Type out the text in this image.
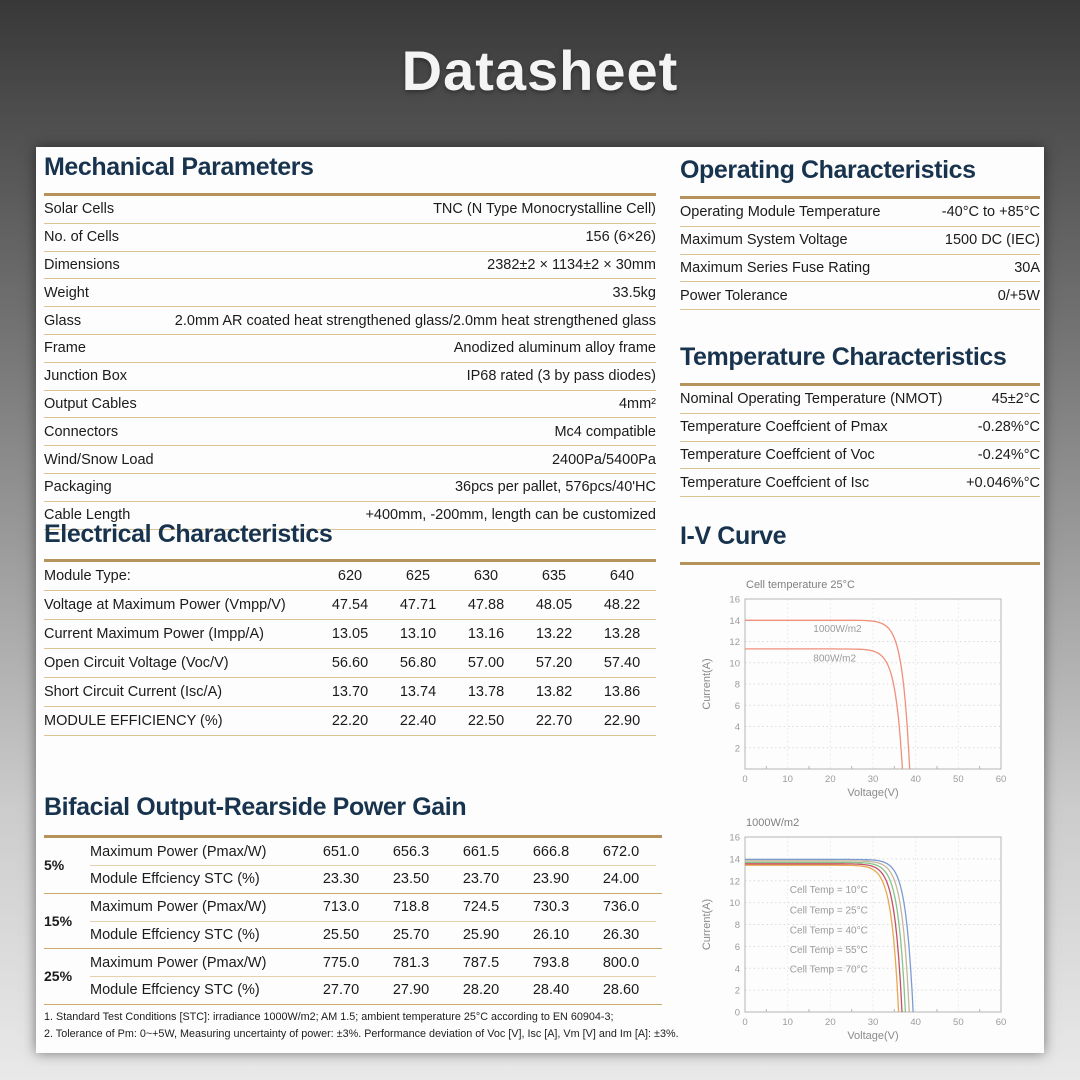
Datasheet
Mechanical Parameters
Solar Cells	TNC (N Type Monocrystalline Cell)
No. of Cells	156 (6×26)
Dimensions	2382±2 × 1134±2 × 30mm
Weight	33.5kg
Glass	2.0mm AR coated heat strengthened glass/2.0mm heat strengthened glass
Frame	Anodized aluminum alloy frame
Junction Box	IP68 rated (3 by pass diodes)
Output Cables	4mm²
Connectors	Mc4 compatible
Wind/Snow Load	2400Pa/5400Pa
Packaging	36pcs per pallet, 576pcs/40'HC
Cable Length	+400mm, -200mm, length can be customized
Operating Characteristics
Operating Module Temperature	-40°C to +85°C
Maximum System Voltage	1500 DC (IEC)
Maximum Series Fuse Rating	30A
Power Tolerance	0/+5W
Temperature Characteristics
Nominal Operating Temperature (NMOT)	45±2°C
Temperature Coeffcient of Pmax	-0.28%°C
Temperature Coeffcient of Voc	-0.24%°C
Temperature Coeffcient of Isc	+0.046%°C
Electrical Characteristics
Module Type:	620	625	630	635	640
Voltage at Maximum Power (Vmpp/V)	47.54	47.71	47.88	48.05	48.22
Current Maximum Power (Impp/A)	13.05	13.10	13.16	13.22	13.28
Open Circuit Voltage (Voc/V)	56.60	56.80	57.00	57.20	57.40
Short Circuit Current (Isc/A)	13.70	13.74	13.78	13.82	13.86
MODULE EFFICIENCY (%)	22.20	22.40	22.50	22.70	22.90
I-V Curve
2
4
6
8
10
12
14
16
0	10	20	30	40	50	60
Cell temperature 25°C
Voltage(V)
Current(A)
1000W/m2
800W/m2
0
2
4
6
8
10
12
14
16
0	10	20	30	40	50	60
1000W/m2
Voltage(V)
Current(A)
Cell Temp = 10°C
Cell Temp = 25°C
Cell Temp = 40°C
Cell Temp = 55°C
Cell Temp = 70°C
Bifacial Output-Rearside Power Gain
5%
Maximum Power (Pmax/W)	651.0	656.3	661.5	666.8	672.0
Module Effciency STC (%)	23.30	23.50	23.70	23.90	24.00
15%
Maximum Power (Pmax/W)	713.0	718.8	724.5	730.3	736.0
Module Effciency STC (%)	25.50	25.70	25.90	26.10	26.30
25%
Maximum Power (Pmax/W)	775.0	781.3	787.5	793.8	800.0
Module Effciency STC (%)	27.70	27.90	28.20	28.40	28.60
1. Standard Test Conditions [STC]: irradiance 1000W/m2; AM 1.5; ambient temperature 25°C according to EN 60904-3;
2. Tolerance of Pm: 0~+5W, Measuring uncertainty of power: ±3%. Performance deviation of Voc [V], Isc [A], Vm [V] and Im [A]: ±3%.
